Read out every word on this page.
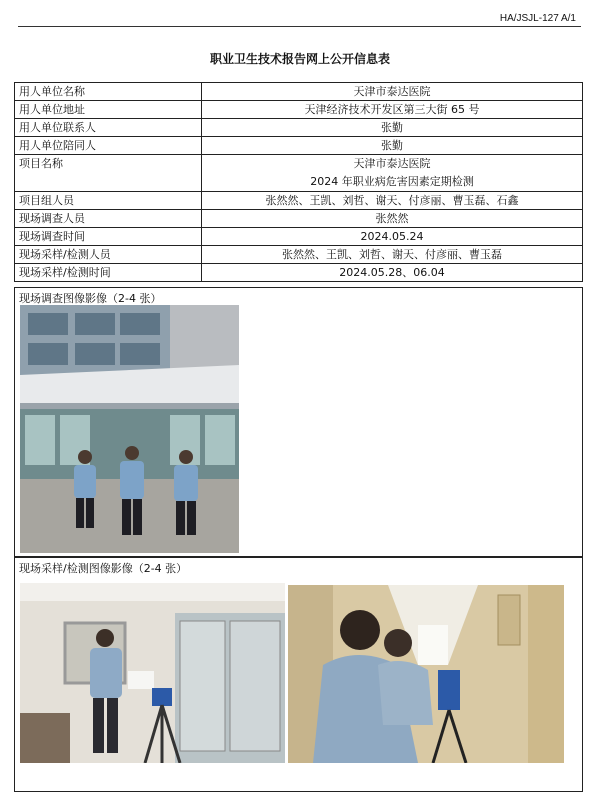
HA/JSJL-127 A/1
职业卫生技术报告网上公开信息表
用人单位名称	天津市泰达医院
用人单位地址	天津经济技术开发区第三大街 65 号
用人单位联系人	张勤
用人单位陪同人	张勤
项目名称	天津市泰达医院
2024 年职业病危害因素定期检测

项目组人员	张然然、王凯、刘哲、谢天、付彦丽、曹玉磊、石鑫
现场调查人员	张然然
现场调查时间	2024.05.24
现场采样/检测人员	张然然、王凯、刘哲、谢天、付彦丽、曹玉磊
现场采样/检测时间	2024.05.28、06.04
现场调查图像影像（2-4 张）
现场采样/检测图像影像（2-4 张）
